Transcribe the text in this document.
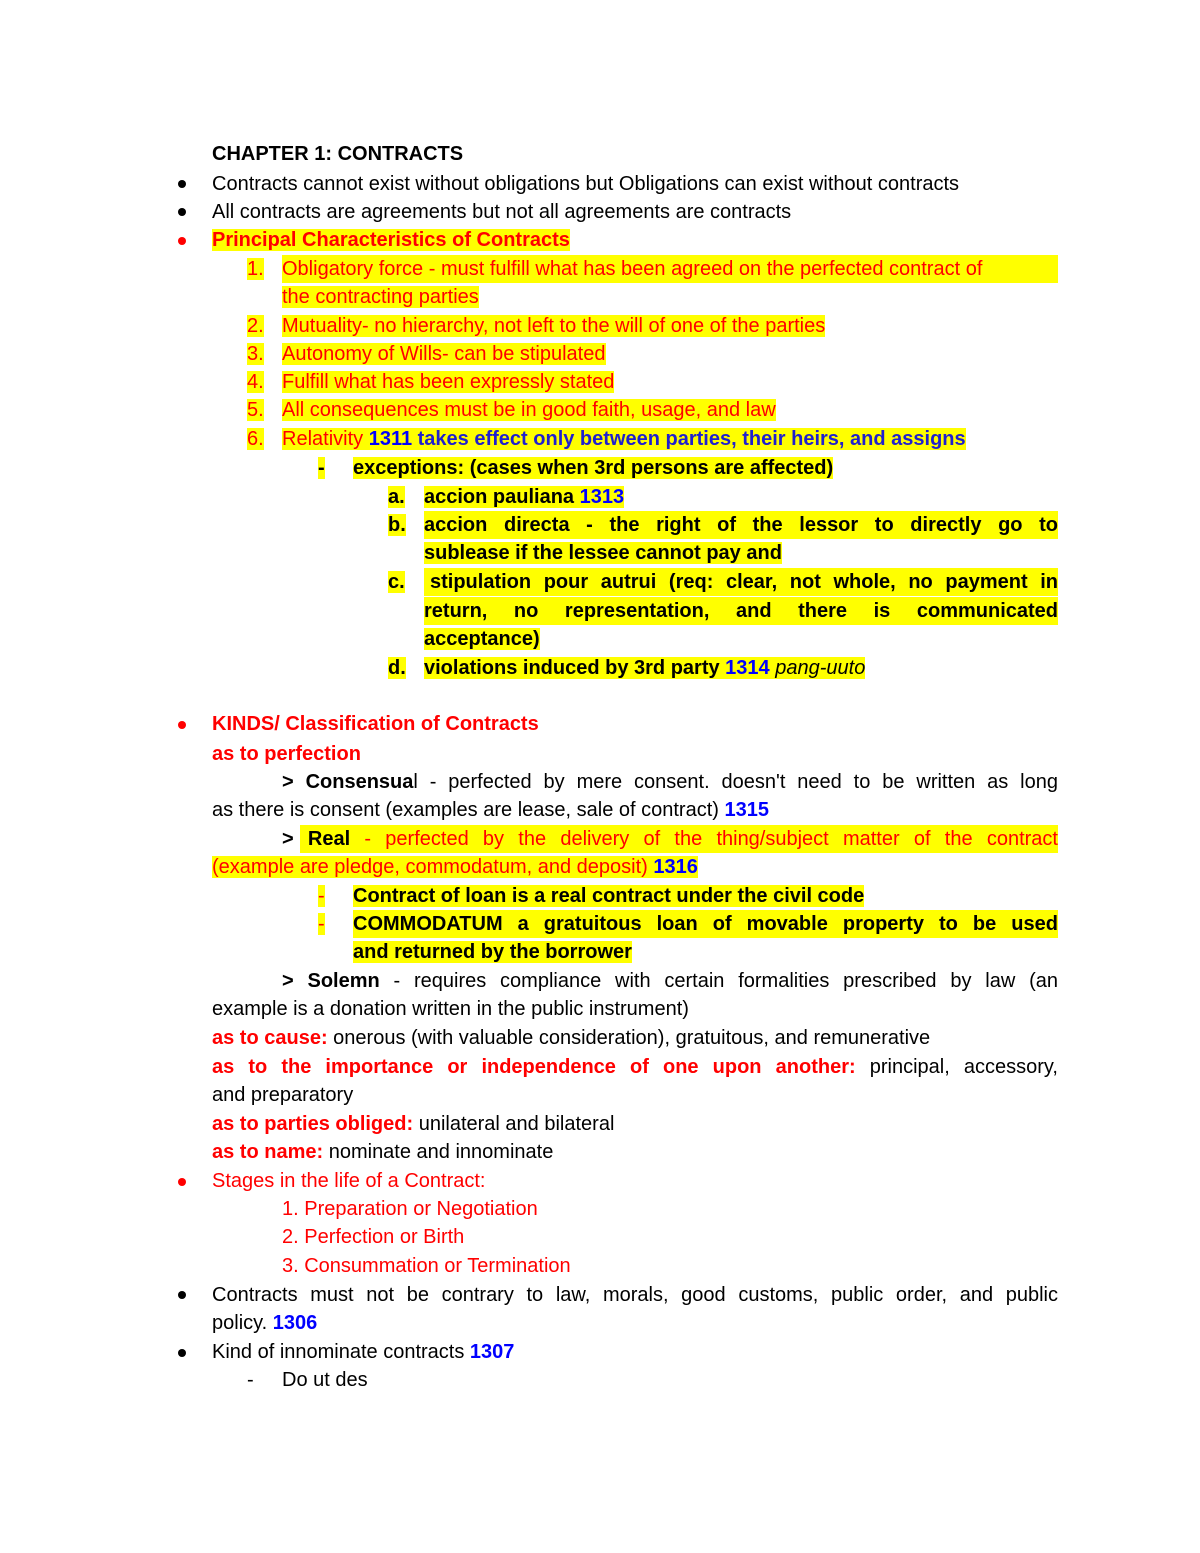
CHAPTER 1: CONTRACTS
Contracts cannot exist without obligations but Obligations can exist without contracts
All contracts are agreements but not all agreements are contracts
Principal Characteristics of Contracts
1. Obligatory force - must fulfill what has been agreed on the perfected contract of
the contracting parties
2. Mutuality- no hierarchy, not left to the will of one of the parties
3. Autonomy of Wills- can be stipulated
4. Fulfill what has been expressly stated
5. All consequences must be in good faith, usage, and law
6. Relativity 1311 takes effect only between parties, their heirs, and assigns
- exceptions: (cases when 3rd persons are affected)
a. accion pauliana 1313
b. accion directa - the right of the lessor to directly go to
sublease if the lessee cannot pay and
c.	stipulation pour autrui (req: clear, not whole, no payment in
return, no representation, and there is communicated
acceptance)
d. violations induced by 3rd party 1314 pang-uuto
KINDS/ Classification of Contracts
as to perfection
> Consensual - perfected by mere consent. doesn't need to be written as long
as there is consent (examples are lease, sale of contract) 1315
> Real - perfected by the delivery of the thing/subject matter of the contract
(example are pledge, commodatum, and deposit) 1316
- Contract of loan is a real contract under the civil code
- COMMODATUM a gratuitous loan of movable property to be used
and returned by the borrower
> Solemn - requires compliance with certain formalities prescribed by law (an
example is a donation written in the public instrument)
as to cause: onerous (with valuable consideration), gratuitous, and remunerative
as to the importance or independence of one upon another: principal, accessory,
and preparatory
as to parties obliged: unilateral and bilateral
as to name: nominate and innominate
Stages in the life of a Contract:
1. Preparation or Negotiation
2. Perfection or Birth
3. Consummation or Termination
Contracts must not be contrary to law, morals, good customs, public order, and public
policy. 1306
Kind of innominate contracts 1307
- Do ut des
